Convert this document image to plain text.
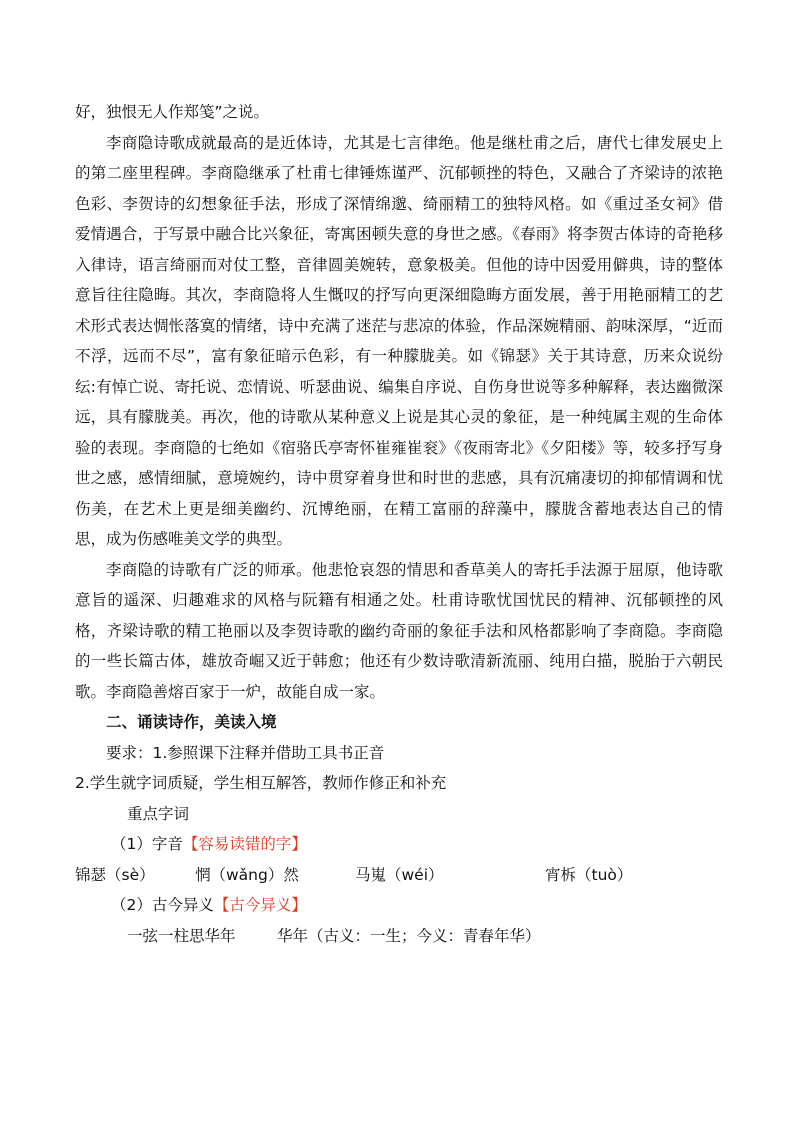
好，独恨无人作郑笺”之说。

李商隐诗歌成就最高的是近体诗，尤其是七言律绝。他是继杜甫之后，唐代七律发展史上的第二座里程碑。李商隐继承了杜甫七律锤炼谨严、沉郁顿挫的特色，又融合了齐梁诗的浓艳色彩、李贺诗的幻想象征手法，形成了深情绵邈、绮丽精工的独特风格。如《重过圣女祠》借爱情遇合，于写景中融合比兴象征，寄寓困顿失意的身世之感。《春雨》将李贺古体诗的奇艳移入律诗，语言绮丽而对仗工整，音律圆美婉转，意象极美。但他的诗中因爱用僻典，诗的整体意旨往往隐晦。其次，李商隐将人生慨叹的抒写向更深细隐晦方面发展，善于用艳丽精工的艺术形式表达惆怅落寞的情绪，诗中充满了迷茫与悲凉的体验，作品深婉精丽、韵味深厚，“近而不浮，远而不尽”，富有象征暗示色彩，有一种朦胧美。如《锦瑟》关于其诗意，历来众说纷纭:有悼亡说、寄托说、恋情说、听瑟曲说、编集自序说、自伤身世说等多种解释，表达幽微深远，具有朦胧美。再次，他的诗歌从某种意义上说是其心灵的象征，是一种纯属主观的生命体验的表现。李商隐的七绝如《宿骆氏亭寄怀崔雍崔衮》《夜雨寄北》《夕阳楼》等，较多抒写身世之感，感情细腻，意境婉约，诗中贯穿着身世和时世的悲感，具有沉痛凄切的抑郁情调和忧伤美，在艺术上更是细美幽约、沉博绝丽，在精工富丽的辞藻中，朦胧含蓄地表达自己的情思，成为伤感唯美文学的典型。

李商隐的诗歌有广泛的师承。他悲怆哀怨的情思和香草美人的寄托手法源于屈原，他诗歌意旨的遥深、归趣难求的风格与阮籍有相通之处。杜甫诗歌忧国忧民的精神、沉郁顿挫的风格，齐梁诗歌的精工艳丽以及李贺诗歌的幽约奇丽的象征手法和风格都影响了李商隐。李商隐的一些长篇古体，雄放奇崛又近于韩愈；他还有少数诗歌清新流丽、纯用白描，脱胎于六朝民歌。李商隐善熔百家于一炉，故能自成一家。

二、诵读诗作，美读入境

要求：1.参照课下注释并借助工具书正音

2.学生就字词质疑，学生相互解答，教师作修正和补充

重点字词

（1）字音【容易读错的字】

锦瑟（sè）	惘（wǎng）然	马嵬（wéi）	宵柝（tuò）

（2）古今异义【古今异义】

一弦一柱思华年	华年（古义：一生；今义：青春年华）
